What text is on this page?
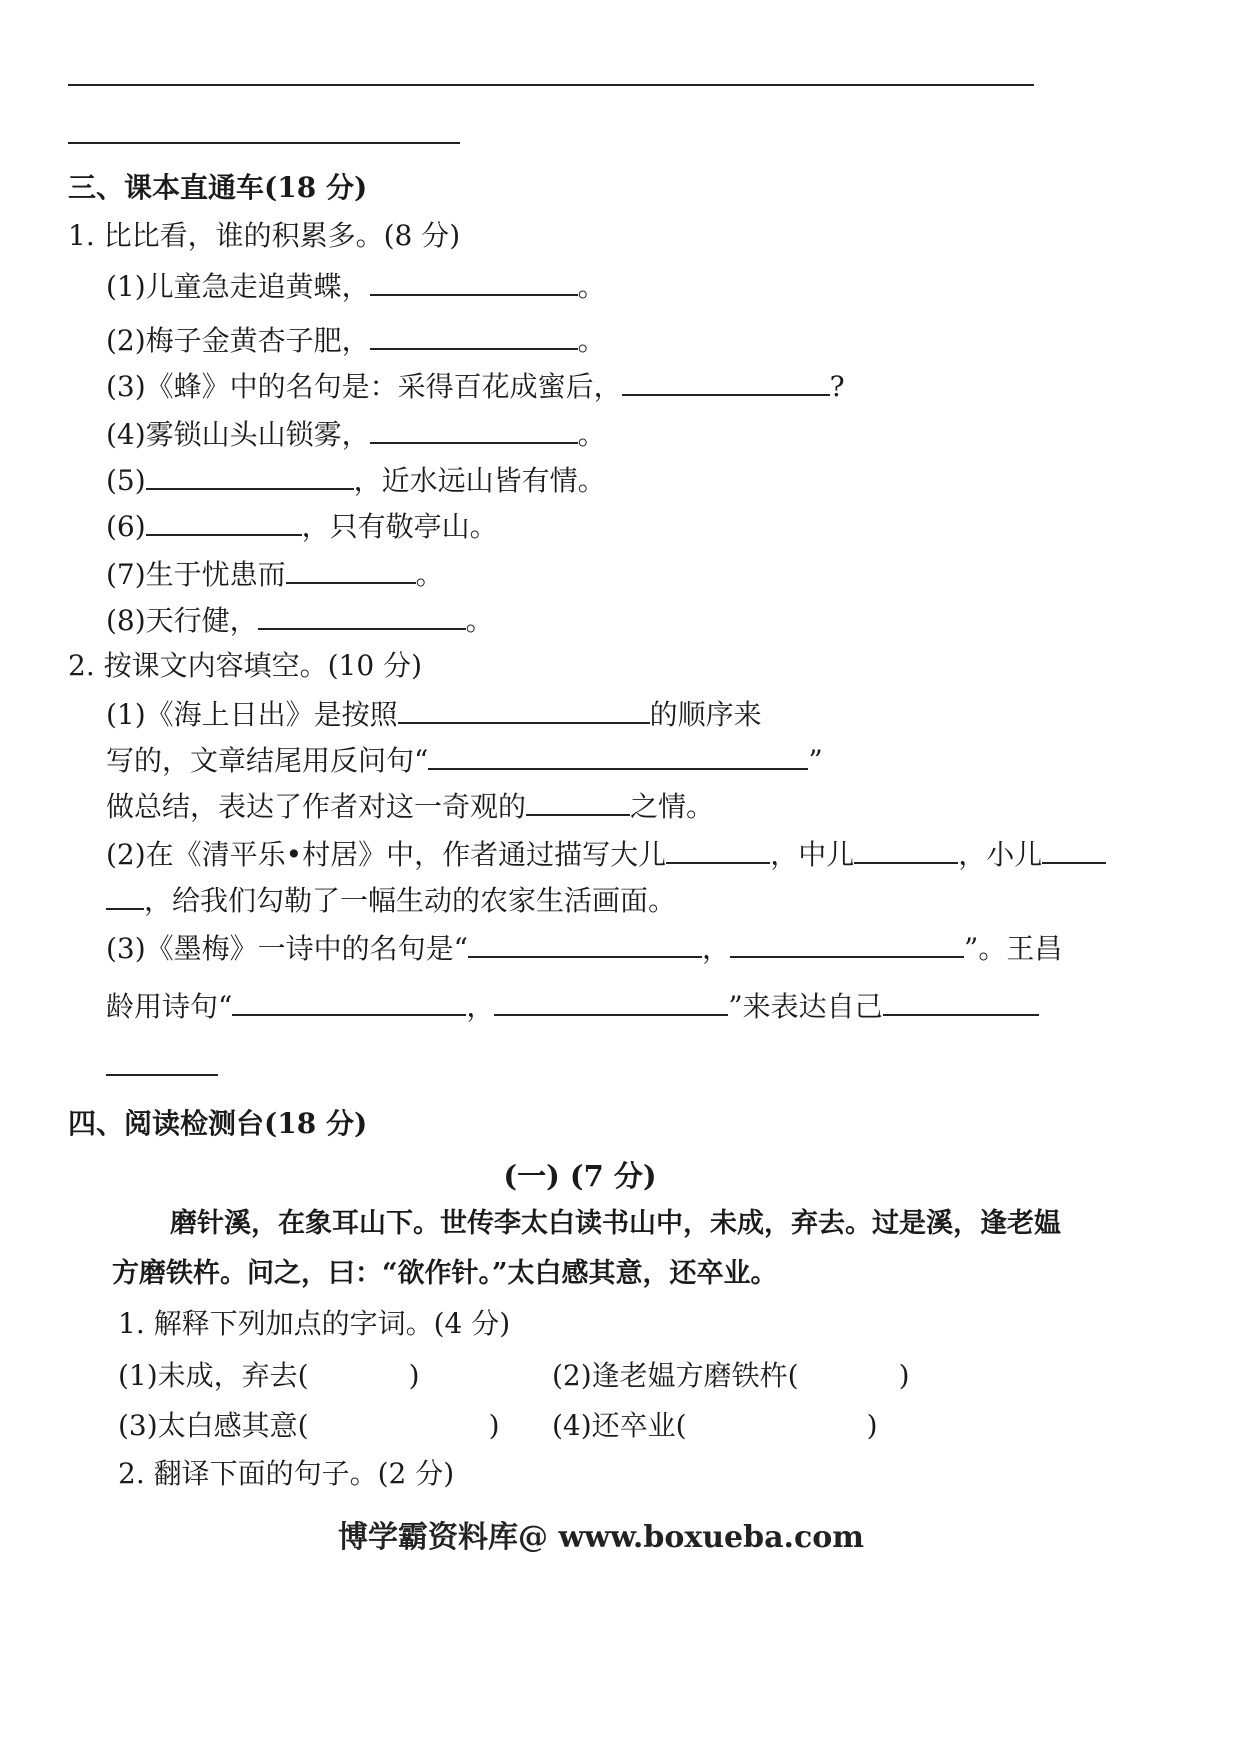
三、课本直通车(18 分)
1. 比比看，谁的积累多。(8 分)
(1)儿童急走追黄蝶，	。
(2)梅子金黄杏子肥，	。
(3)《蜂》中的名句是：采得百花成蜜后，	?
(4)雾锁山头山锁雾，	。
(5)	，近水远山皆有情。
(6)	，只有敬亭山。
(7)生于忧患而	。
(8)天行健，	。
2. 按课文内容填空。(10 分)
(1)《海上日出》是按照	的顺序来
写的，文章结尾用反问句“	”
做总结，表达了作者对这一奇观的	之情。
(2)在《清平乐•村居》中，作者通过描写大儿	，中儿	，小儿
，给我们勾勒了一幅生动的农家生活画面。
(3)《墨梅》一诗中的名句是“	，	”。王昌
龄用诗句“	，	”来表达自己
四、阅读检测台(18 分)
(一) (7 分)
磨针溪，在象耳山下。世传李太白读书山中，未成，弃去。过是溪，逢老媪
方磨铁杵。问之，曰：“欲作针。”太白感其意，还卒业。
1. 解释下列加点的字词。(4 分)
(1)未成，弃去(	)	(2)逢老媪方磨铁杵(	)
(3)太白感其意(	) (4)还卒业(	)
2. 翻译下面的句子。(2 分)
博学霸资料库@ www.boxueba.com
